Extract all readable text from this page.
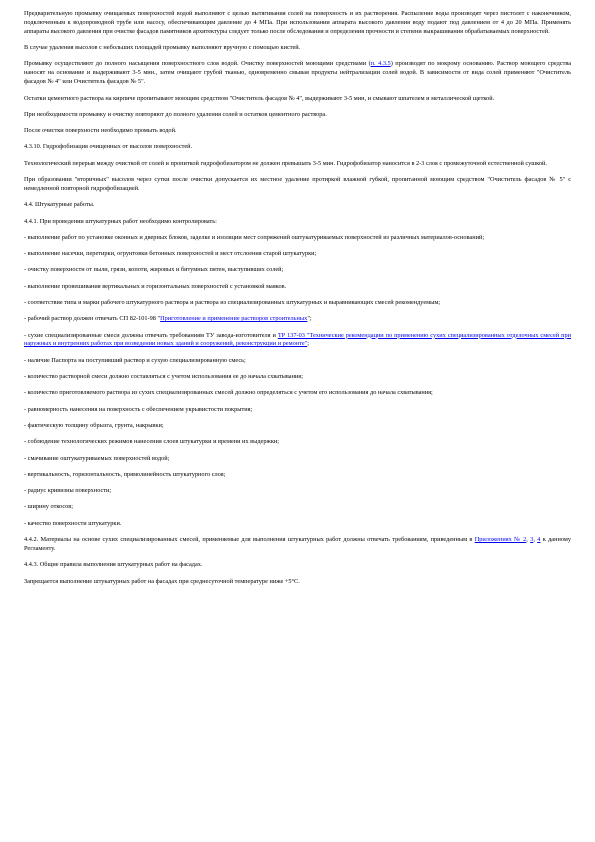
Предварительную промывку очищаемых поверхностей водой выполняют с целью вытягивания солей на поверхность и их растворения. Распыление воды производят через пистолет с наконечником, подключенным к водопроводной трубе или насосу, обеспечивающим давление до 4 МПа. При использовании аппарата высокого давления воду подают под давлением от 4 до 20 МПа. Применять аппараты высокого давления при очистке фасадов памятников архитектуры следует только после обследования и определения прочности и степени выкрашивания обрабатываемых поверхностей.

В случае удаления высолов с небольших площадей промывку выполняют вручную с помощью кистей.

Промывку осуществляют до полного насыщения поверхностного слоя водой. Очистку поверхностей моющими средствами (п. 4.3.5) производят по мокрому основанию. Раствор моющего средства наносят на основание и выдерживают 3-5 мин., затем очищают грубой тканью, одновременно смывая продукты нейтрализации солей водой. В зависимости от вида солей применяют "Очиститель фасадов № 4" или Очиститель фасадов № 5".

Остатки цементного раствора на кирпиче пропитывают моющим средством "Очиститель фасадов № 4", выдерживают 3-5 мин, и смывают шпателем и металлической щеткой.

При необходимости промывку и очистку повторяют до полного удаления солей и остатков цементного раствора.

После очистки поверхности необходимо промыть водой.

4.3.10. Гидрофобизация очищенных от высолов поверхностей.

Технологический перерыв между очисткой от солей и пропиткой гидрофобизатором не должен превышать 3-5 мин. Гидрофобизатор наносится в 2-3 слоя с промежуточной естественной сушкой.

При образовании "вторичных" высолов через сутки после очистки допускается их местное удаление протиркой влажной губкой, пропитанной моющим средством "Очиститель фасадов № 5" с немедленной повторной гидрофобизацией.

4.4. Штукатурные работы.

4.4.1. При проведении штукатурных работ необходимо контролировать:

- выполнение работ по установке оконных и дверных блоков, заделке и изоляции мест сопряжений оштукатуриваемых поверхностей из различных материалов-оснований;

- выполнение насечки, перетирки, огрунтовки бетонных поверхностей и мест отслоения старой штукатурки;

- очистку поверхности от пыли, грязи, копоти, жировых и битумных пятен, выступивших солей;

- выполнение провешивания вертикальных и горизонтальных поверхностей с установкой маяков.

- соответствие типа и марки рабочего штукатурного раствора и раствора из специализированных штукатурных и выравнивающих смесей рекомендуемым;

- рабочий раствор должен отвечать СП 82-101-98 "Приготовление и применение растворов строительных";

- сухие специализированные смеси должны отвечать требованиям ТУ завода-изготовителя и ТР 137-03 "Технические рекомендации по применению сухих специализированных отделочных смесей при наружных и внутренних работах при возведении новых зданий и сооружений, реконструкции и ремонте";

- наличие Паспорта на поступивший раствор и сухую специализированную смесь;

- количество растворной смеси должно составляться с учетом использования ее до начала схватывания;

- количество приготовляемого раствора из сухих специализированных смесей должно определяться с учетом его использования до начала схватывания;

- равномерность нанесения на поверхность с обеспечением укрывистости покрытия;

- фактическую толщину обрызга, грунта, накрывки;

- соблюдение технологических режимов нанесения слоев штукатурки и времени их выдержки;

- смачивание оштукатуриваемых поверхностей водой;

- вертикальность, горизонтальность, прямолинейность штукатурного слоя;

- радиус кривизны поверхности;

- ширину откосов;

- качество поверхности штукатурки.

4.4.2. Материалы на основе сухих специализированных смесей, применяемые для выполнения штукатурных работ должны отвечать требованиям, приведенным в Приложениях № 2, 3, 4 к данному Регламенту.

4.4.3. Общие правила выполнения штукатурных работ на фасадах.

Запрещается выполнение штукатурных работ на фасадах при среднесуточной температуре ниже +5°С.
